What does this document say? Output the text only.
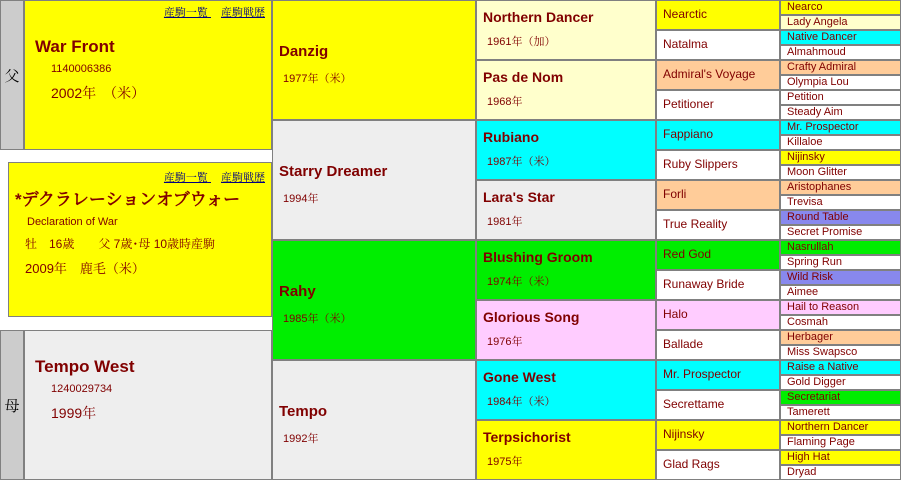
父
母
産駒一覧 産駒戦歴
War Front
1140006386
2002年　（米）
Tempo West
1240029734
1999年
産駒一覧 産駒戦歴
*デクラレーションオブウォー
Declaration of War
牡　16歳　　父 7歳･母 10歳時産駒
2009年　鹿毛（米）
Danzig
1977年（米）
Starry Dreamer
1994年
Rahy
1985年（米）
Tempo
1992年
Northern Dancer
1961年（加）
Pas de Nom
1968年
Rubiano
1987年（米）
Lara's Star
1981年
Blushing Groom
1974年（米）
Glorious Song
1976年
Gone West
1984年（米）
Terpsichorist
1975年
Nearctic
Natalma
Admiral's Voyage
Petitioner
Fappiano
Ruby Slippers
Forli
True Reality
Red God
Runaway Bride
Halo
Ballade
Mr. Prospector
Secrettame
Nijinsky
Glad Rags
Nearco
Lady Angela
Native Dancer
Almahmoud
Crafty Admiral
Olympia Lou
Petition
Steady Aim
Mr. Prospector
Killaloe
Nijinsky
Moon Glitter
Aristophanes
Trevisa
Round Table
Secret Promise
Nasrullah
Spring Run
Wild Risk
Aimee
Hail to Reason
Cosmah
Herbager
Miss Swapsco
Raise a Native
Gold Digger
Secretariat
Tamerett
Northern Dancer
Flaming Page
High Hat
Dryad
